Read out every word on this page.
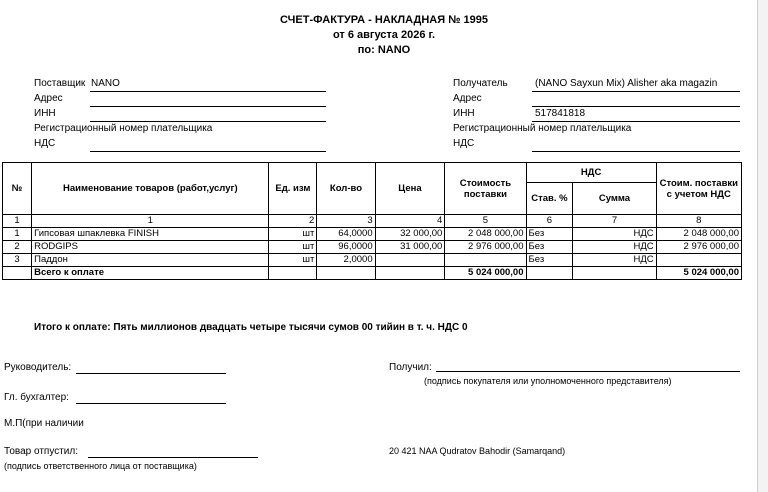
СЧЕТ-ФАКТУРА - НАКЛАДНАЯ № 1995
от 6 августа 2026 г.
по: NANO
Поставщик NANO
Адрес
ИНН
Регистрационный номер плательщика
НДС
Получатель	(NANO Sayxun Mix) Alisher aka magazin
Адрес
ИНН	517841818
Регистрационный номер плательщика
НДС
№	Наименование товаров (работ,услуг)	Ед. изм	Кол-во	Цена	Стоимость поставки	НДС		Стоим. поставки с учетом НДС
						Став. %	Сумма	
1	1	2	3	4	5	6	7	8
1	Гипсовая шпаклевка FINISH	шт	64,0000	32 000,00	2 048 000,00	Без	НДС	2 048 000,00
2	RODGIPS	шт	96,0000	31 000,00	2 976 000,00	Без	НДС	2 976 000,00
3	Паддон	шт	2,0000			Без	НДС	
	Всего к оплате				5 024 000,00			5 024 000,00
Итого к оплате: Пять миллионов двадцать четыре тысячи сумов 00 тийин в т. ч. НДС 0
Руководитель:
Гл. бухгалтер:
М.П(при наличии
Товар отпустил:
(подпись ответственного лица от поставщика)
Получил:
(подпись покупателя или уполномоченного представителя)
20 421 NAA Qudratov Bahodir (Samarqand)
